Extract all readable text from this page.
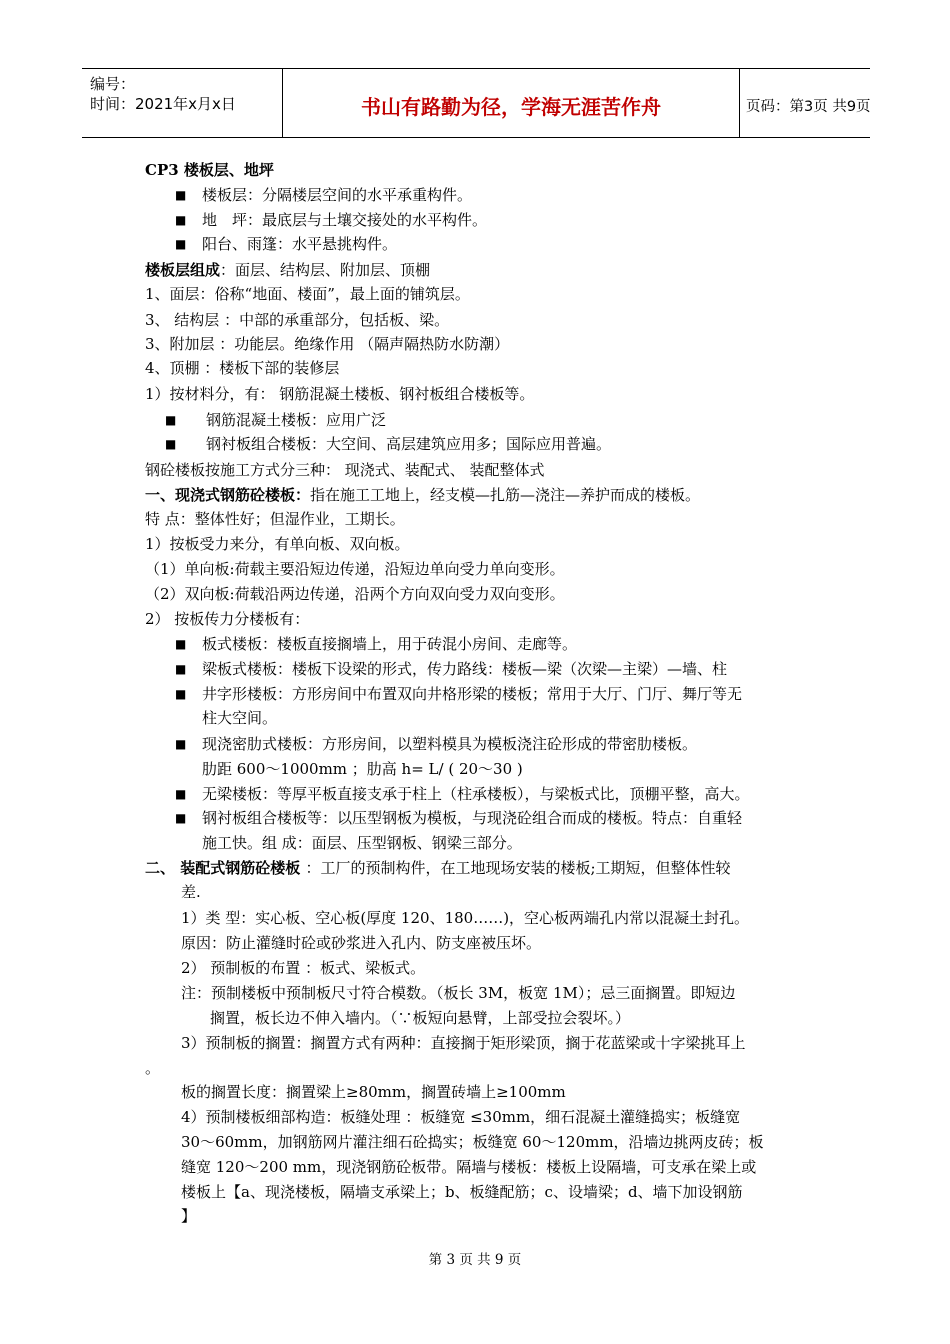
编号：
时间：2021年x月x日	书山有路勤为径，学海无涯苦作舟	页码：第3页 共9页
CP3 楼板层、地坪
■ 楼板层：分隔楼层空间的水平承重构件。
■ 地　坪：最底层与土壤交接处的水平构件。
■ 阳台、雨篷：水平悬挑构件。
楼板层组成：面层、结构层、附加层、顶棚
1、面层：俗称“地面、楼面”，最上面的铺筑层。
3、 结构层 ：中部的承重部分，包括板、梁。
3、附加层 ：功能层。绝缘作用 （隔声隔热防水防潮）
4、顶棚 ：楼板下部的装修层
1）按材料分，有： 钢筋混凝土楼板、钢衬板组合楼板等。
■ 钢筋混凝土楼板：应用广泛
■ 钢衬板组合楼板：大空间、高层建筑应用多；国际应用普遍。
钢砼楼板按施工方式分三种： 现浇式、装配式、 装配整体式
一、现浇式钢筋砼楼板：指在施工工地上，经支模—扎筋—浇注—养护而成的楼板。
特 点：整体性好；但湿作业，工期长。
1）按板受力来分，有单向板、双向板。
（1）单向板:荷载主要沿短边传递，沿短边单向受力单向变形。
（2）双向板:荷载沿两边传递，沿两个方向双向受力双向变形。
2） 按板传力分楼板有：
■ 板式楼板：楼板直接搁墙上，用于砖混小房间、走廊等。
■ 梁板式楼板：楼板下设梁的形式，传力路线：楼板—梁（次梁—主梁）—墙、柱
■ 井字形楼板：方形房间中布置双向井格形梁的楼板；常用于大厅、门厅、舞厅等无
柱大空间。
■ 现浇密肋式楼板：方形房间，以塑料模具为模板浇注砼形成的带密肋楼板。
肋距 600～1000mm ；肋高 h= L/ ( 20～30 )
■ 无梁楼板：等厚平板直接支承于柱上（柱承楼板），与梁板式比，顶棚平整，高大。
■ 钢衬板组合楼板等：以压型钢板为模板，与现浇砼组合而成的楼板。特点：自重轻
施工快。组 成：面层、压型钢板、钢梁三部分。
二、 装配式钢筋砼楼板 ：工厂的预制构件，在工地现场安装的楼板;工期短，但整体性较
差.
1）类 型：实心板、空心板(厚度 120、180……)，空心板两端孔内常以混凝土封孔。
原因：防止灌缝时砼或砂浆进入孔内、防支座被压坏。
2） 预制板的布置 ：板式、梁板式。
注：预制楼板中预制板尺寸符合模数。（板长 3M，板宽 1M）；忌三面搁置。即短边
搁置，板长边不伸入墙内。（∵板短向悬臂，上部受拉会裂坏。）
3）预制板的搁置：搁置方式有两种：直接搁于矩形梁顶，搁于花蓝梁或十字梁挑耳上
。
板的搁置长度：搁置梁上≥80mm，搁置砖墙上≥100mm
4）预制楼板细部构造：板缝处理 ：板缝宽 ≤30mm，细石混凝土灌缝捣实；板缝宽
30～60mm，加钢筋网片灌注细石砼捣实；板缝宽 60～120mm，沿墙边挑两皮砖；板
缝宽 120～200 mm，现浇钢筋砼板带。隔墙与楼板：楼板上设隔墙，可支承在梁上或
楼板上【a、现浇楼板，隔墙支承梁上；b、板缝配筋；c、设墙梁；d、墙下加设钢筋
】
第 3 页 共 9 页
